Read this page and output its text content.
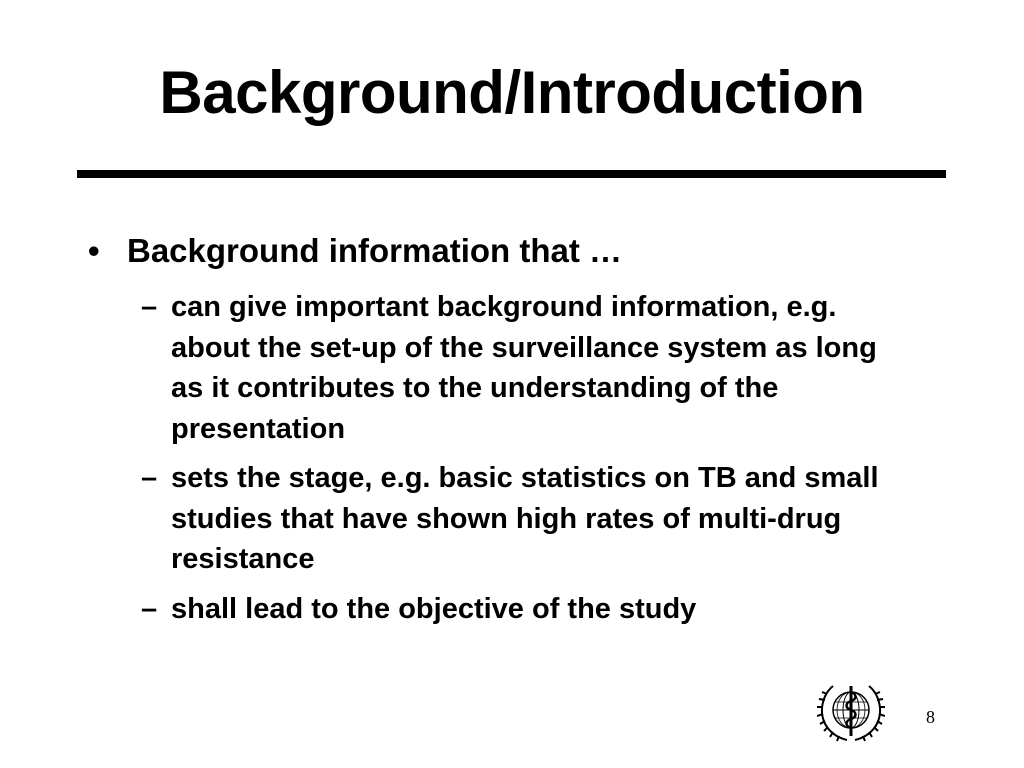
Background/Introduction
• Background information that …
– can give important background information, e.g. about the set-up of the surveillance system as long as it contributes to the understanding of the presentation
– sets the stage, e.g. basic statistics on TB and small studies that have shown high rates of multi-drug resistance
– shall lead to the objective of the study
8
